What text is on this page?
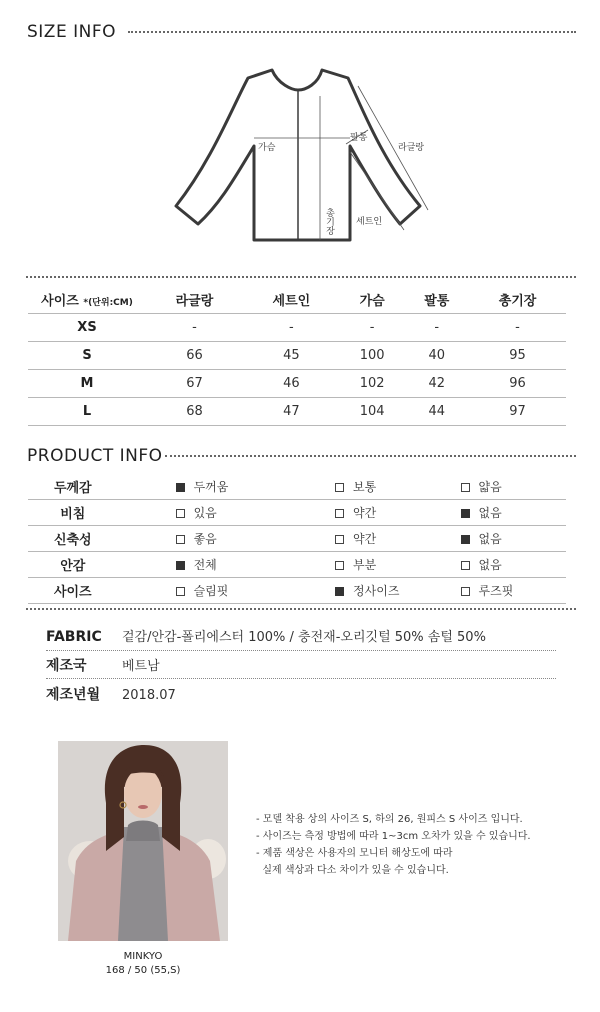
SIZE INFO
가슴
팔통
라글랑
총기장 세트인
사이즈 *(단위:CM)	라글랑	세트인	가슴	팔통	총기장
XS	-	-	-	-	-
S	66	45	100	40	95
M	67	46	102	42	96
L	68	47	104	44	97
PRODUCT INFO
두께감	두꺼움	보통	얇음
비침	있음	약간	없음
신축성	좋음	약간	없음
안감	전체	부분	없음
사이즈	슬림핏	정사이즈	루즈핏
FABRIC 겉감/안감-폴리에스터 100% / 충전재-오리깃털 50% 솜털 50%
제조국	베트남
제조년월 2018.07
MINKYO
168 / 50 (55,S)
- 모델 착용 상의 사이즈 S, 하의 26, 원피스 S 사이즈 입니다.
- 사이즈는 측정 방법에 따라 1~3cm 오차가 있을 수 있습니다.
- 제품 색상은 사용자의 모니터 해상도에 따라
실제 색상과 다소 차이가 있을 수 있습니다.
